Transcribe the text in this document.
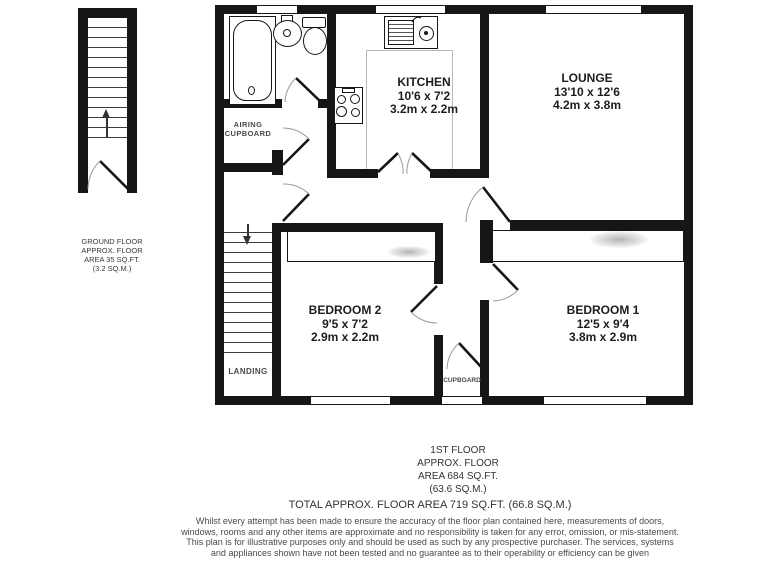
KITCHEN
10'6 x 7'2
3.2m x 2.2m
LOUNGE
13'10 x 12'6
4.2m x 3.8m
BEDROOM 2
9'5 x 7'2
2.9m x 2.2m
BEDROOM 1
12'5 x 9'4
3.8m x 2.9m
AIRING
CUPBOARD
LANDING
CUPBOARD
GROUND FLOOR
APPROX. FLOOR
AREA 35 SQ.FT.
(3.2 SQ.M.)
1ST FLOOR
APPROX. FLOOR
AREA 684 SQ.FT.
(63.6 SQ.M.)
TOTAL APPROX. FLOOR AREA 719 SQ.FT. (66.8 SQ.M.)
Whilst every attempt has been made to ensure the accuracy of the floor plan contained here, measurements of doors, windows, rooms and any other items are approximate and no responsibility is taken for any error, omission, or mis-statement. This plan is for illustrative purposes only and should be used as such by any prospective purchaser. The services, systems and appliances shown have not been tested and no guarantee as to their operability or efficiency can be given
